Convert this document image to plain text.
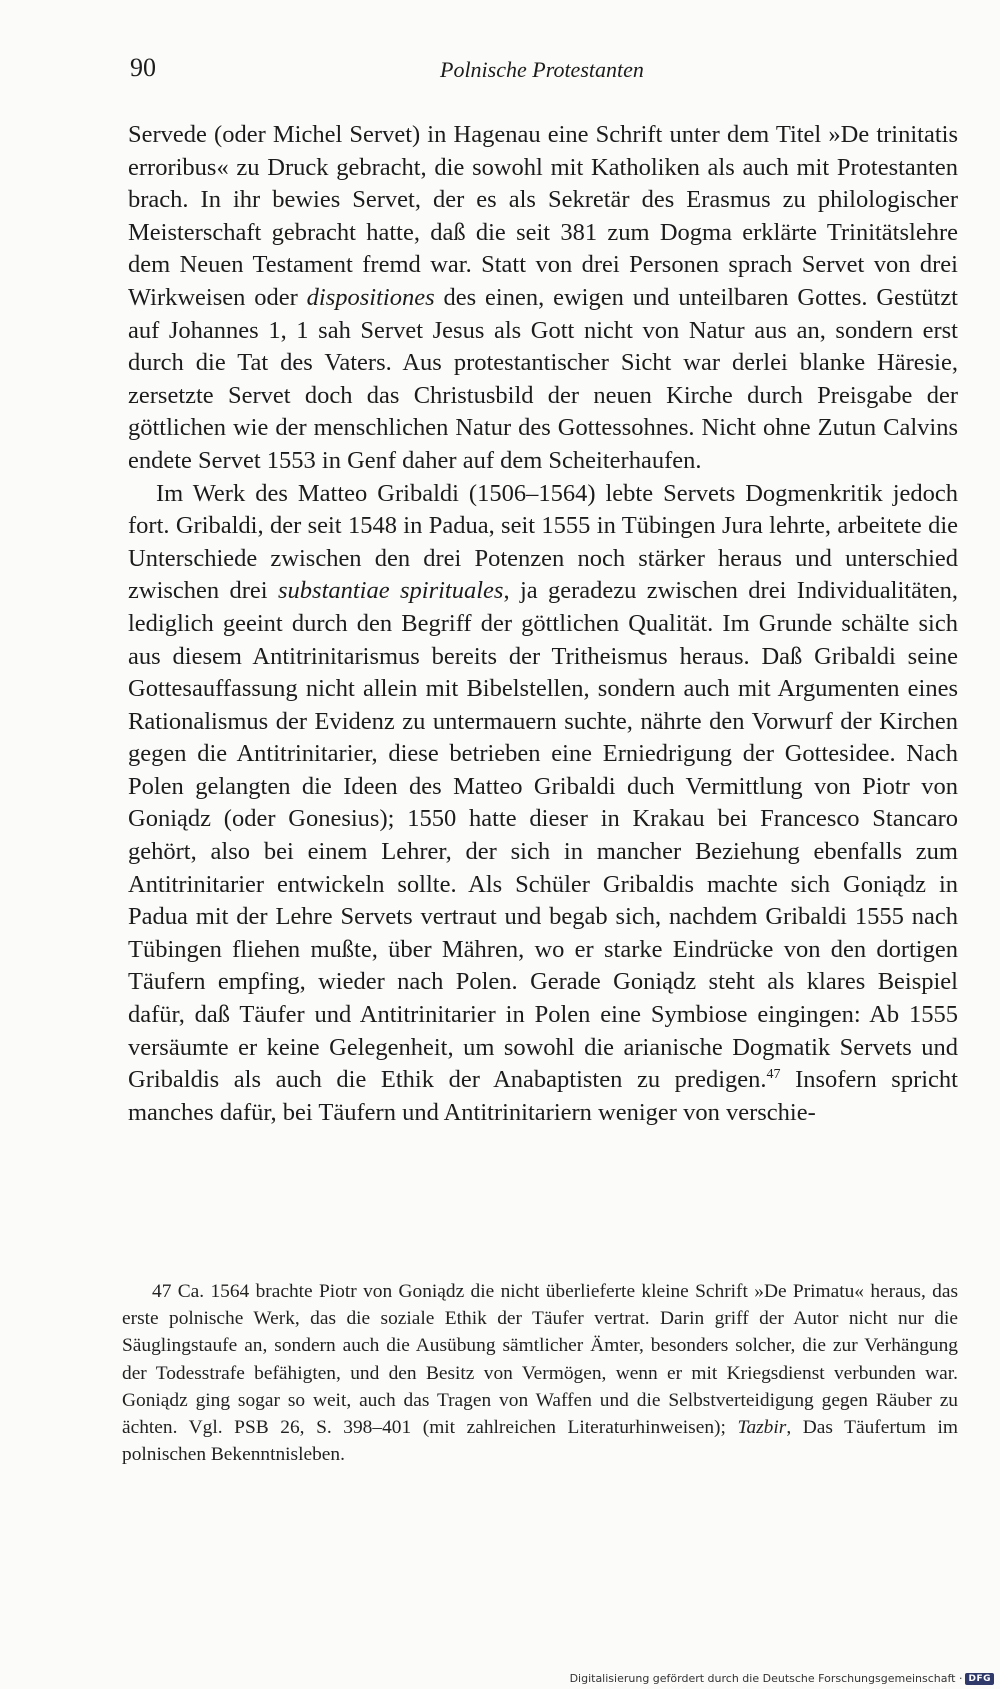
90	Polnische Protestanten

Servede (oder Michel Servet) in Hagenau eine Schrift unter dem Titel »De trinitatis erroribus« zu Druck gebracht, die sowohl mit Katholiken als auch mit Protestanten brach. In ihr bewies Servet, der es als Sekretär des Erasmus zu philologischer Meisterschaft gebracht hatte, daß die seit 381 zum Dogma erklärte Trinitätslehre dem Neuen Testament fremd war. Statt von drei Personen sprach Servet von drei Wirkweisen oder dispositiones des einen, ewigen und unteilbaren Gottes. Gestützt auf Johannes 1, 1 sah Servet Jesus als Gott nicht von Natur aus an, sondern erst durch die Tat des Vaters. Aus protestantischer Sicht war derlei blanke Häresie, zersetzte Servet doch das Christusbild der neuen Kirche durch Preisgabe der göttlichen wie der menschlichen Natur des Gottessohnes. Nicht ohne Zutun Calvins endete Servet 1553 in Genf daher auf dem Scheiterhaufen.

Im Werk des Matteo Gribaldi (1506–1564) lebte Servets Dogmenkritik jedoch fort. Gribaldi, der seit 1548 in Padua, seit 1555 in Tübingen Jura lehrte, arbeitete die Unterschiede zwischen den drei Potenzen noch stärker heraus und unterschied zwischen drei substantiae spirituales, ja geradezu zwischen drei Individualitäten, lediglich geeint durch den Begriff der göttlichen Qualität. Im Grunde schälte sich aus diesem Antitrinitarismus bereits der Tritheismus heraus. Daß Gribaldi seine Gottesauffassung nicht allein mit Bibelstellen, sondern auch mit Argumenten eines Rationalismus der Evidenz zu untermauern suchte, nährte den Vorwurf der Kirchen gegen die Antitrinitarier, diese betrieben eine Erniedrigung der Gottesidee. Nach Polen gelangten die Ideen des Matteo Gribaldi duch Vermittlung von Piotr von Goniądz (oder Gonesius); 1550 hatte dieser in Krakau bei Francesco Stancaro gehört, also bei einem Lehrer, der sich in mancher Beziehung ebenfalls zum Antitrinitarier entwickeln sollte. Als Schüler Gribaldis machte sich Goniądz in Padua mit der Lehre Servets vertraut und begab sich, nachdem Gribaldi 1555 nach Tübingen fliehen mußte, über Mähren, wo er starke Eindrücke von den dortigen Täufern empfing, wieder nach Polen. Gerade Goniądz steht als klares Beispiel dafür, daß Täufer und Antitrinitarier in Polen eine Symbiose eingingen: Ab 1555 versäumte er keine Gelegenheit, um sowohl die arianische Dogmatik Servets und Gribaldis als auch die Ethik der Anabaptisten zu predigen.$^{47}$ Insofern spricht manches dafür, bei Täufern und Antitrinitariern weniger von verschie-

47 Ca. 1564 brachte Piotr von Goniądz die nicht überlieferte kleine Schrift »De Primatu« heraus, das erste polnische Werk, das die soziale Ethik der Täufer vertrat. Darin griff der Autor nicht nur die Säuglingstaufe an, sondern auch die Ausübung sämtlicher Ämter, besonders solcher, die zur Verhängung der Todesstrafe befähigten, und den Besitz von Vermögen, wenn er mit Kriegsdienst verbunden war. Goniądz ging sogar so weit, auch das Tragen von Waffen und die Selbstverteidigung gegen Räuber zu ächten. Vgl. PSB 26, S. 398–401 (mit zahlreichen Literaturhinweisen); Tazbir, Das Täufertum im polnischen Bekenntnisleben.

Digitalisierung gefördert durch die Deutsche Forschungsgemeinschaft · DFG
